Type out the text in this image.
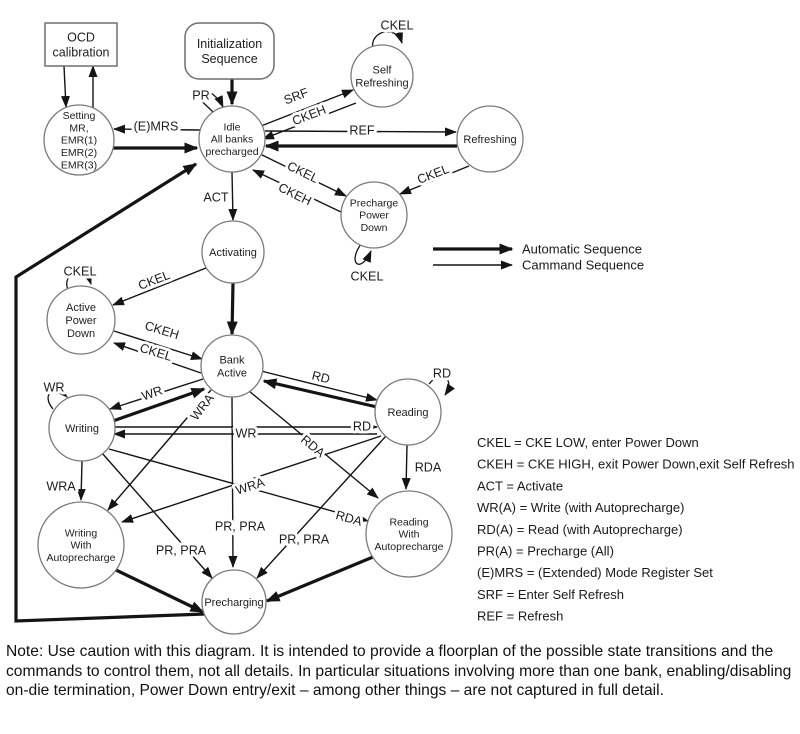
OCD calibration
Initialization Sequence
Self Refreshing
Setting MR, EMR(1) EMR(2) EMR(3)
Idle All banks precharged
Refreshing
Precharge Power Down
Activating
Active Power Down
Bank Active
Writing
Reading
Writing With Autoprecharge
Reading With Autoprecharge
Precharging
(E)MRS
SRF
CKEH
REF
CKEL
CKEL
CKEH
ACT
CKEL
CKEH
CKEL
WR
RD
RD
WR
WRA
RDA
RDA
WRA
WRA
RDA
PR, PRA
PR, PRA
PR, PRA
PR
CKEL
CKEL
CKEL
WR
RD
Automatic Sequence
Cammand Sequence
CKEL = CKE LOW, enter Power Down
CKEH = CKE HIGH, exit Power Down,exit Self Refresh
ACT = Activate
WR(A) = Write (with Autoprecharge)
RD(A) = Read (with Autoprecharge)
PR(A) = Precharge (All)
(E)MRS = (Extended) Mode Register Set
SRF = Enter Self Refresh
REF = Refresh

Note: Use caution with this diagram. It is intended to provide a floorplan of the possible state transitions and the commands to control them, not all details. In particular situations involving more than one bank, enabling/disabling on-die termination, Power Down entry/exit – among other things – are not captured in full detail.
